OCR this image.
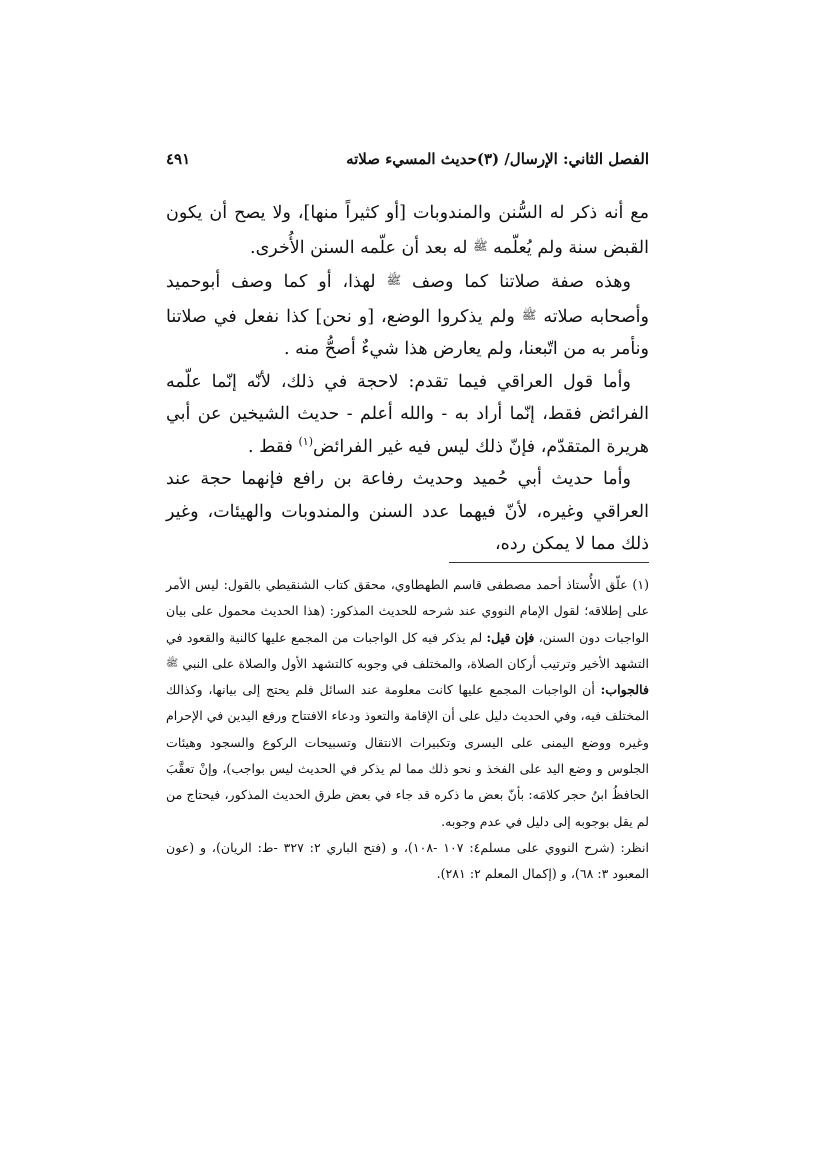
الفصل الثاني: الإرسال/ (٣)حديث المسيء صلاته
٤٩١

مع أنه ذكر له السُّنن والمندوبات [أو كثيراً منها]، ولا يصح أن يكون القبض سنة ولم يُعلّمه ﷺ له بعد أن علّمه السنن الأُخرى.

وهذه صفة صلاتنا كما وصف ﷺ لهذا، أو كما وصف أبوحميد وأصحابه صلاته ﷺ ولم يذكروا الوضع، [و نحن] كذا نفعل في صلاتنا ونأمر به من اتّبعنا، ولم يعارض هذا شيءٌ أصحُّ منه .

وأما قول العراقي فيما تقدم: لاحجة في ذلك، لأنّه إنّما علّمه الفرائض فقط، إنّما أراد به - والله أعلم - حديث الشيخين عن أبي هريرة المتقدّم، فإنّ ذلك ليس فيه غير الفرائض$^{(١)}$ فقط .

وأما حديث أبي حُميد وحديث رفاعة بن رافع فإنهما حجة عند العراقي وغيره، لأنّ فيهما عدد السنن والمندوبات والهيئات، وغير ذلك مما لا يمكن رده،

(١) علّق الأُستاذ أحمد مصطفى قاسم الطهطاوي، محقق كتاب الشنقيطي بالقول: ليس الأمر على إطلاقه؛ لقول الإمام النووي عند شرحه للحديث المذكور: (هذا الحديث محمول على بيان الواجبات دون السنن، فإن قيل: لم يذكر فيه كل الواجبات من المجمع عليها كالنية والقعود في التشهد الأخير وترتيب أركان الصلاة، والمختلف في وجوبه كالتشهد الأول والصلاة على النبي ﷺ فالجواب: أن الواجبات المجمع عليها كانت معلومة عند السائل فلم يحتج إلى بيانها، وكذالك المختلف فيه، وفي الحديث دليل على أن الإقامة والتعوذ ودعاء الافتتاح ورفع اليدين في الإحرام وغيره ووضع اليمنى على اليسرى وتكبيرات الانتقال وتسبيحات الركوع والسجود وهيئات الجلوس و وضع اليد على الفخذ و نحو ذلك مما لم يذكر في الحديث ليس بواجب)، وإنْ تعقَّبَ الحافظُ ابنُ حجر كلامَه: بأنّ بعض ما ذكره قد جاء في بعض طرق الحديث المذكور، فيحتاج من لم يقل بوجوبه إلى دليل في عدم وجوبه.

انظر: (شرح النووي على مسلم٤: ١٠٧ -١٠٨)، و (فتح الباري ٢: ٣٢٧ -ط: الريان)، و (عون المعبود ٣: ٦٨)، و (إكمال المعلم ٢: ٢٨١).
